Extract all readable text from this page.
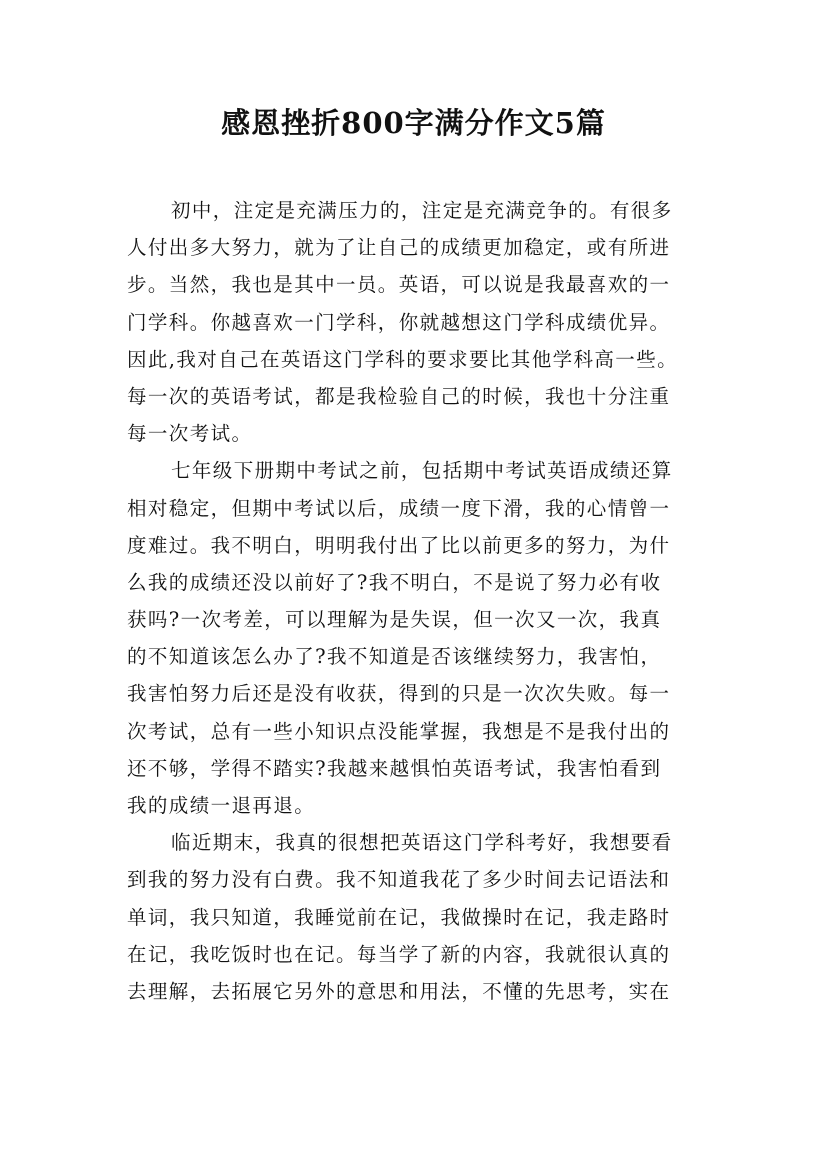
感恩挫折800字满分作文5篇
初中，注定是充满压力的，注定是充满竞争的。有很多
人付出多大努力，就为了让自己的成绩更加稳定，或有所进
步。当然，我也是其中一员。英语，可以说是我最喜欢的一
门学科。你越喜欢一门学科，你就越想这门学科成绩优异。
因此,我对自己在英语这门学科的要求要比其他学科高一些。
每一次的英语考试，都是我检验自己的时候，我也十分注重
每一次考试。
七年级下册期中考试之前，包括期中考试英语成绩还算
相对稳定，但期中考试以后，成绩一度下滑，我的心情曾一
度难过。我不明白，明明我付出了比以前更多的努力，为什
么我的成绩还没以前好了?我不明白，不是说了努力必有收
获吗?一次考差，可以理解为是失误，但一次又一次，我真
的不知道该怎么办了?我不知道是否该继续努力，我害怕，
我害怕努力后还是没有收获，得到的只是一次次失败。每一
次考试，总有一些小知识点没能掌握，我想是不是我付出的
还不够，学得不踏实?我越来越惧怕英语考试，我害怕看到
我的成绩一退再退。
临近期末，我真的很想把英语这门学科考好，我想要看
到我的努力没有白费。我不知道我花了多少时间去记语法和
单词，我只知道，我睡觉前在记，我做操时在记，我走路时
在记，我吃饭时也在记。每当学了新的内容，我就很认真的
去理解，去拓展它另外的意思和用法，不懂的先思考，实在
